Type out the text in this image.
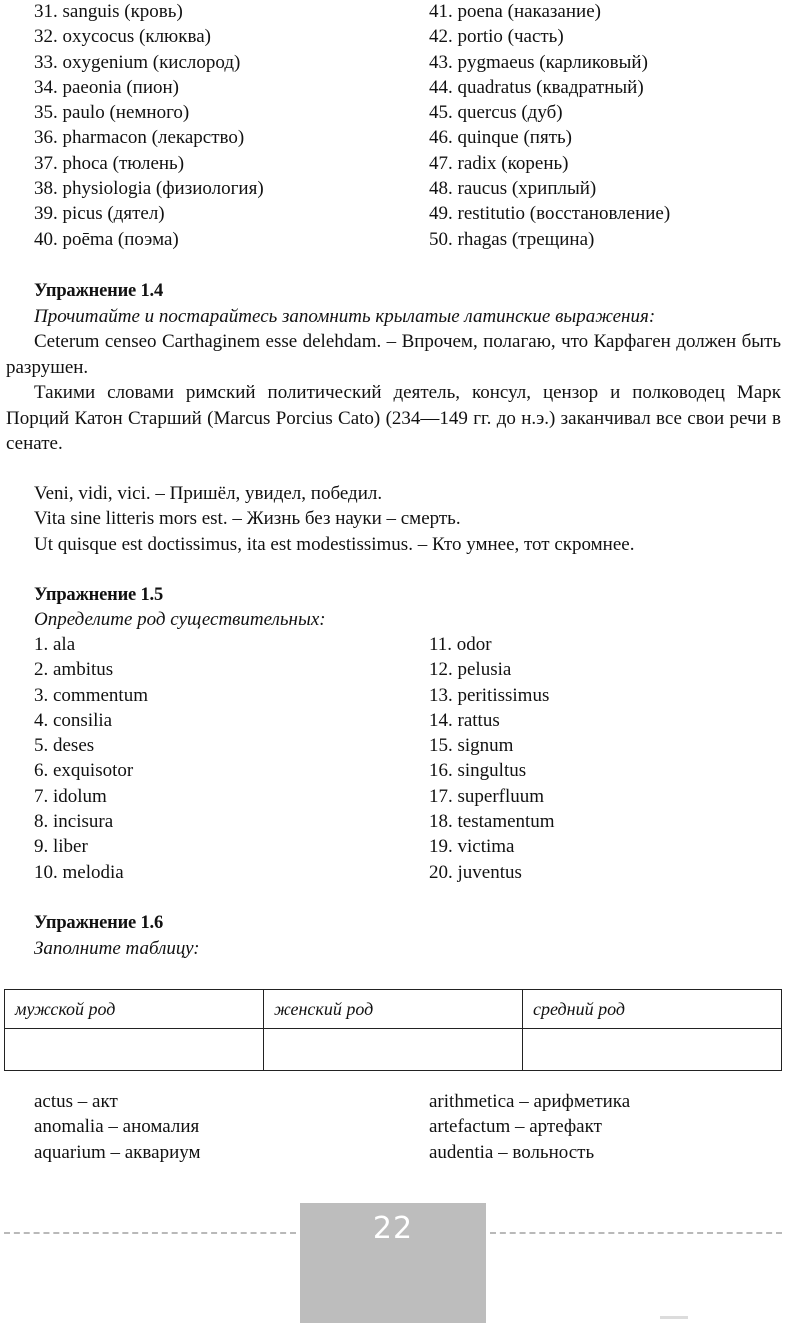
31. sanguis (кровь)
32. oxycocus (клюква)
33. oxygenium (кислород)
34. paeonia (пион)
35. paulo (немного)
36. pharmacon (лекарство)
37. phoca (тюлень)
38. physiologia (физиология)
39. picus (дятел)
40. poēma (поэма)
41. poena (наказание)
42. portio (часть)
43. pygmaeus (карликовый)
44. quadratus (квадратный)
45. quercus (дуб)
46. quinque (пять)
47. radix (корень)
48. raucus (хриплый)
49. restitutio (восстановление)
50. rhagas (трещина)
Упражнение 1.4
Прочитайте и постарайтесь запомнить крылатые латинские выражения:
Ceterum censeo Carthaginem esse delehdam. – Впрочем, полагаю, что Карфаген должен быть разрушен.
Такими словами римский политический деятель, консул, цензор и полководец Марк Порций Катон Старший (Marcus Porcius Cato) (234—149 гг. до н.э.) заканчивал все свои речи в сенате.
Veni, vidi, vici. – Пришёл, увидел, победил.
Vita sine litteris mors est. – Жизнь без науки – смерть.
Ut quisque est doctissimus, ita est modestissimus. – Кто умнее, тот скромнее.
Упражнение 1.5
Определите род существительных:
1. ala
2. ambitus
3. commentum
4. consilia
5. deses
6. exquisotor
7. idolum
8. incisura
9. liber
10. melodia
11. odor
12. pelusia
13. peritissimus
14. rattus
15. signum
16. singultus
17. superfluum
18. testamentum
19. victima
20. juventus
Упражнение 1.6
Заполните таблицу:
мужской род	женский род	средний род

actus – акт
anomalia – аномалия
aquarium – аквариум
arithmetica – арифметика
artefactum – артефакт
audentia – вольность
22
